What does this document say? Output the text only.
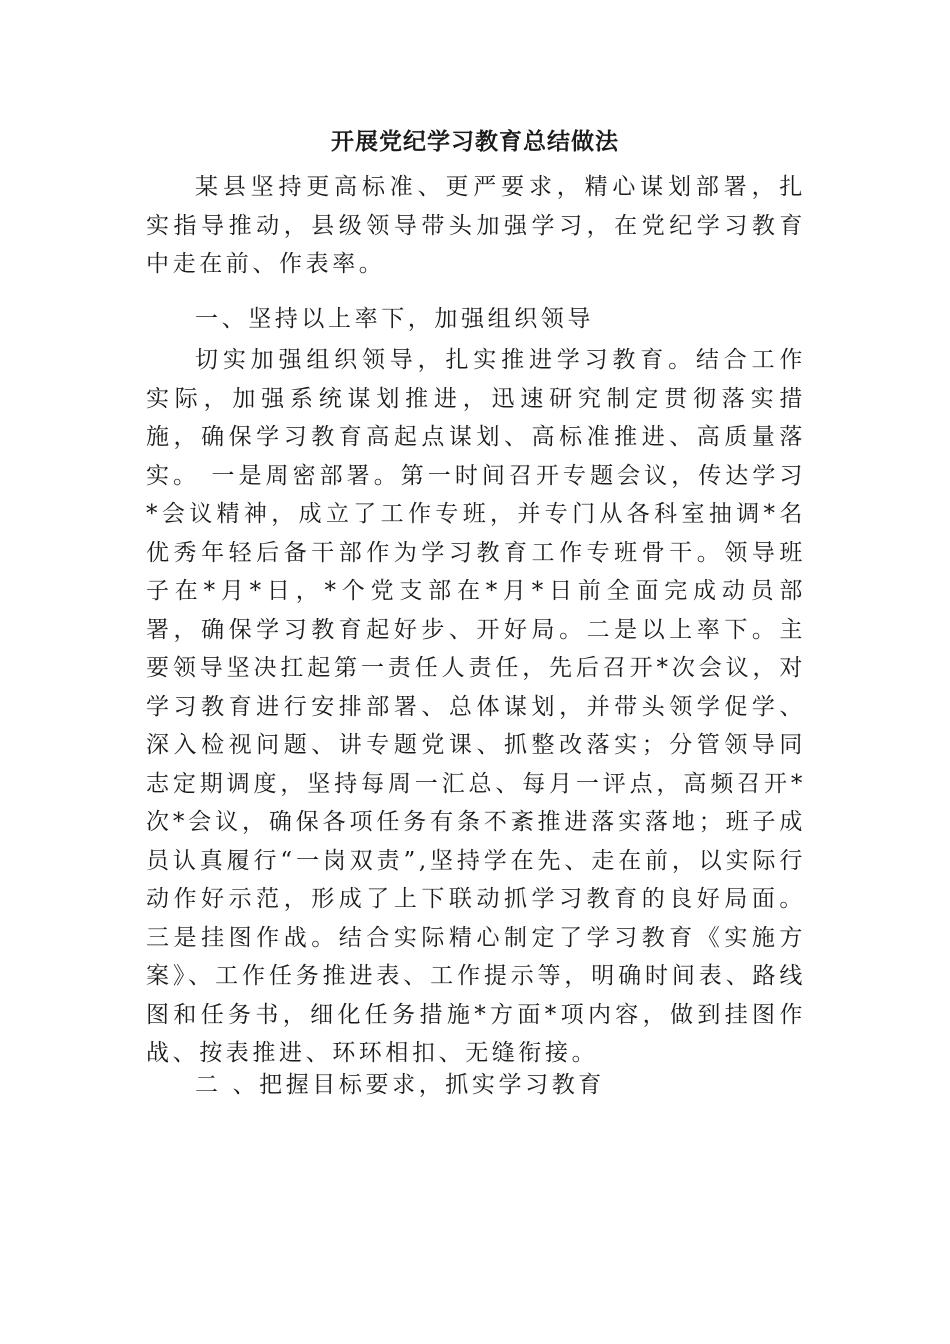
开展党纪学习教育总结做法
某县坚持更高标准、更严要求，精心谋划部署，扎实指导推动，县级领导带头加强学习，在党纪学习教育中走在前、作表率。
一、坚持以上率下，加强组织领导
切实加强组织领导，扎实推进学习教育。结合工作实际，加强系统谋划推进，迅速研究制定贯彻落实措施，确保学习教育高起点谋划、高标准推进、高质量落实。 一是周密部署。第一时间召开专题会议，传达学习*会议精神，成立了工作专班，并专门从各科室抽调*名优秀年轻后备干部作为学习教育工作专班骨干。领导班子在*月*日，*个党支部在*月*日前全面完成动员部署，确保学习教育起好步、开好局。二是以上率下。主要领导坚决扛起第一责任人责任，先后召开*次会议，对学习教育进行安排部署、总体谋划，并带头领学促学、深入检视问题、讲专题党课、抓整改落实；分管领导同志定期调度，坚持每周一汇总、每月一评点，高频召开*次*会议，确保各项任务有条不紊推进落实落地；班子成员认真履行“一岗双责”,坚持学在先、走在前，以实际行动作好示范，形成了上下联动抓学习教育的良好局面。三是挂图作战。结合实际精心制定了学习教育《实施方案》、工作任务推进表、工作提示等，明确时间表、路线图和任务书，细化任务措施*方面*项内容，做到挂图作战、按表推进、环环相扣、无缝衔接。
二 、把握目标要求，抓实学习教育
